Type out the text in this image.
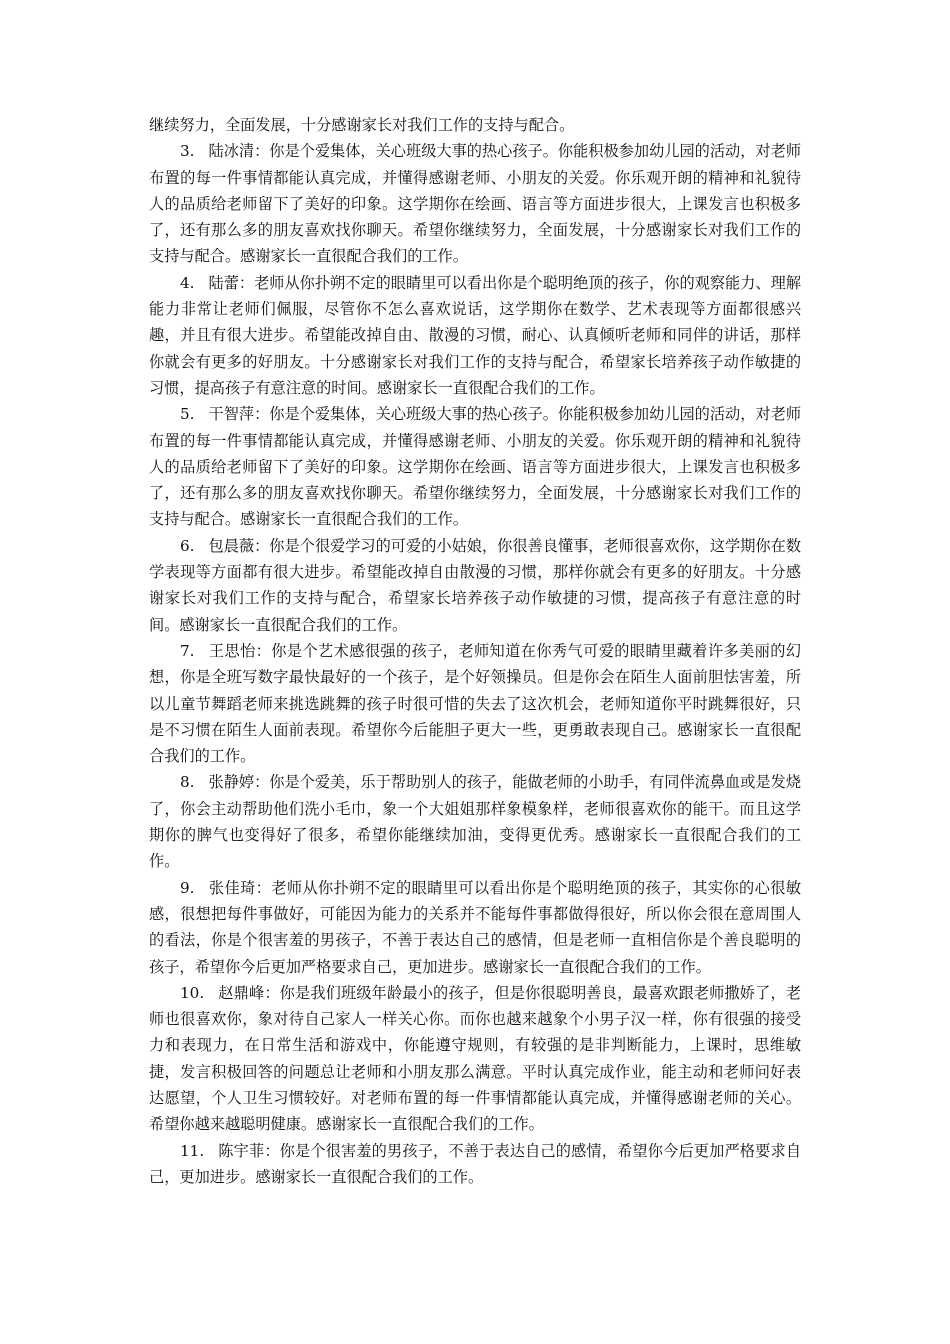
继续努力，全面发展，十分感谢家长对我们工作的支持与配合。

3. 陆冰清：你是个爱集体，关心班级大事的热心孩子。你能积极参加幼儿园的活动，对老师布置的每一件事情都能认真完成，并懂得感谢老师、小朋友的关爱。你乐观开朗的精神和礼貌待人的品质给老师留下了美好的印象。这学期你在绘画、语言等方面进步很大，上课发言也积极多了，还有那么多的朋友喜欢找你聊天。希望你继续努力，全面发展，十分感谢家长对我们工作的支持与配合。感谢家长一直很配合我们的工作。

4. 陆蕾：老师从你扑朔不定的眼睛里可以看出你是个聪明绝顶的孩子，你的观察能力、理解能力非常让老师们佩服，尽管你不怎么喜欢说话，这学期你在数学、艺术表现等方面都很感兴趣，并且有很大进步。希望能改掉自由、散漫的习惯，耐心、认真倾听老师和同伴的讲话，那样你就会有更多的好朋友。十分感谢家长对我们工作的支持与配合，希望家长培养孩子动作敏捷的习惯，提高孩子有意注意的时间。感谢家长一直很配合我们的工作。

5. 干智萍：你是个爱集体，关心班级大事的热心孩子。你能积极参加幼儿园的活动，对老师布置的每一件事情都能认真完成，并懂得感谢老师、小朋友的关爱。你乐观开朗的精神和礼貌待人的品质给老师留下了美好的印象。这学期你在绘画、语言等方面进步很大，上课发言也积极多了，还有那么多的朋友喜欢找你聊天。希望你继续努力，全面发展，十分感谢家长对我们工作的支持与配合。感谢家长一直很配合我们的工作。

6. 包晨薇：你是个很爱学习的可爱的小姑娘，你很善良懂事，老师很喜欢你，这学期你在数学表现等方面都有很大进步。希望能改掉自由散漫的习惯，那样你就会有更多的好朋友。十分感谢家长对我们工作的支持与配合，希望家长培养孩子动作敏捷的习惯，提高孩子有意注意的时间。感谢家长一直很配合我们的工作。

7. 王思怡：你是个艺术感很强的孩子，老师知道在你秀气可爱的眼睛里藏着许多美丽的幻想，你是全班写数字最快最好的一个孩子，是个好领操员。但是你会在陌生人面前胆怯害羞，所以儿童节舞蹈老师来挑选跳舞的孩子时很可惜的失去了这次机会，老师知道你平时跳舞很好，只是不习惯在陌生人面前表现。希望你今后能胆子更大一些，更勇敢表现自己。感谢家长一直很配合我们的工作。

8. 张静婷：你是个爱美，乐于帮助别人的孩子，能做老师的小助手，有同伴流鼻血或是发烧了，你会主动帮助他们洗小毛巾，象一个大姐姐那样象模象样，老师很喜欢你的能干。而且这学期你的脾气也变得好了很多，希望你能继续加油，变得更优秀。感谢家长一直很配合我们的工作。

9. 张佳琦：老师从你扑朔不定的眼睛里可以看出你是个聪明绝顶的孩子，其实你的心很敏感，很想把每件事做好，可能因为能力的关系并不能每件事都做得很好，所以你会很在意周围人的看法，你是个很害羞的男孩子，不善于表达自己的感情，但是老师一直相信你是个善良聪明的孩子，希望你今后更加严格要求自己，更加进步。感谢家长一直很配合我们的工作。

10. 赵鼎峰：你是我们班级年龄最小的孩子，但是你很聪明善良，最喜欢跟老师撒娇了，老师也很喜欢你，象对待自己家人一样关心你。而你也越来越象个小男子汉一样，你有很强的接受力和表现力，在日常生活和游戏中，你能遵守规则，有较强的是非判断能力，上课时，思维敏捷，发言积极回答的问题总让老师和小朋友那么满意。平时认真完成作业，能主动和老师问好表达愿望，个人卫生习惯较好。对老师布置的每一件事情都能认真完成，并懂得感谢老师的关心。希望你越来越聪明健康。感谢家长一直很配合我们的工作。

11. 陈宇菲：你是个很害羞的男孩子，不善于表达自己的感情，希望你今后更加严格要求自己，更加进步。感谢家长一直很配合我们的工作。
